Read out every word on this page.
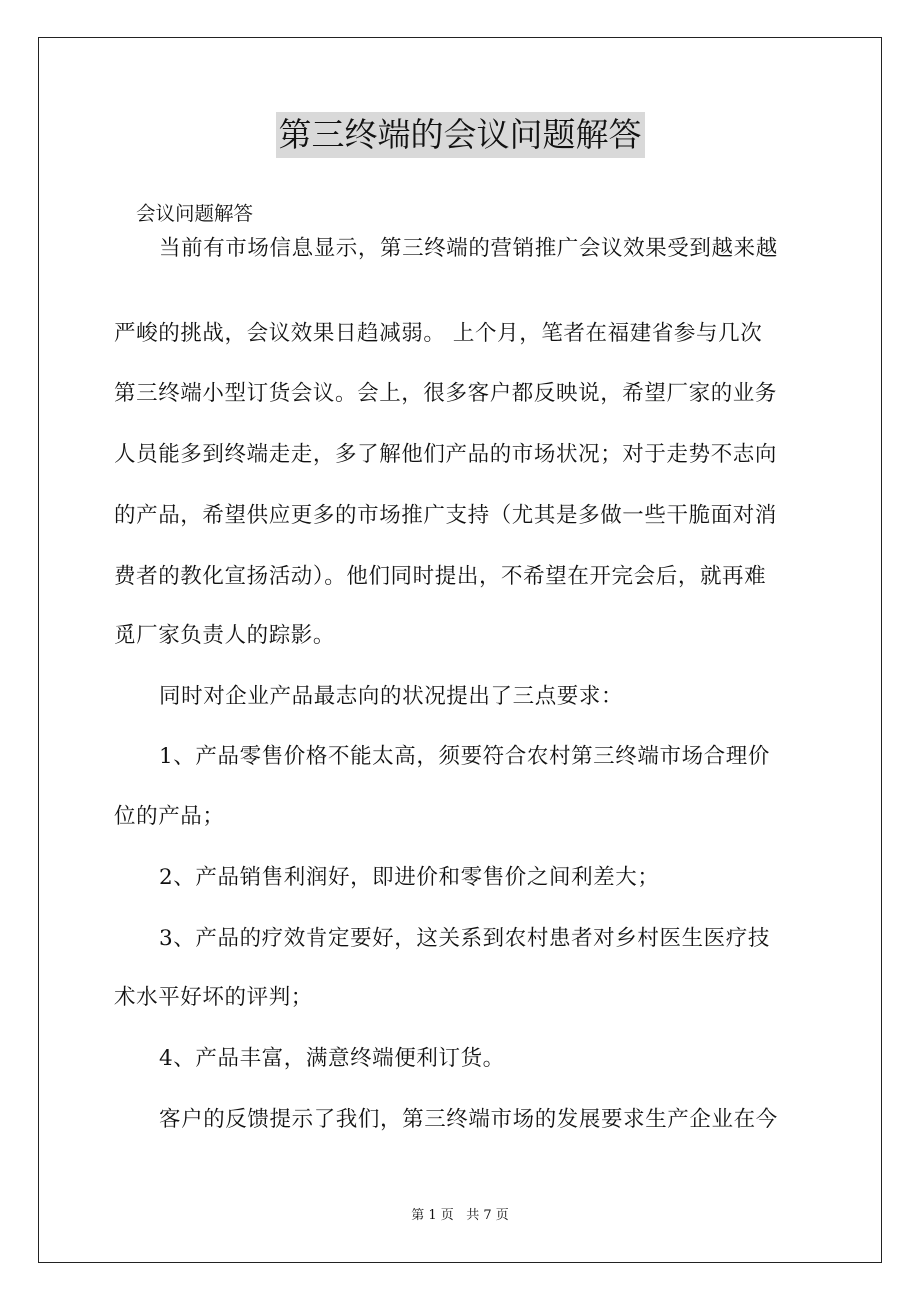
第三终端的会议问题解答
会议问题解答
当前有市场信息显示，第三终端的营销推广会议效果受到越来越
严峻的挑战，会议效果日趋减弱。 上个月，笔者在福建省参与几次
第三终端小型订货会议。会上，很多客户都反映说，希望厂家的业务
人员能多到终端走走，多了解他们产品的市场状况；对于走势不志向
的产品，希望供应更多的市场推广支持（尤其是多做一些干脆面对消
费者的教化宣扬活动）。他们同时提出，不希望在开完会后，就再难
觅厂家负责人的踪影。
同时对企业产品最志向的状况提出了三点要求：
1、产品零售价格不能太高，须要符合农村第三终端市场合理价
位的产品；
2、产品销售利润好，即进价和零售价之间利差大；
3、产品的疗效肯定要好，这关系到农村患者对乡村医生医疗技
术水平好坏的评判；
4、产品丰富，满意终端便利订货。
客户的反馈提示了我们，第三终端市场的发展要求生产企业在今
第 1 页   共 7 页
